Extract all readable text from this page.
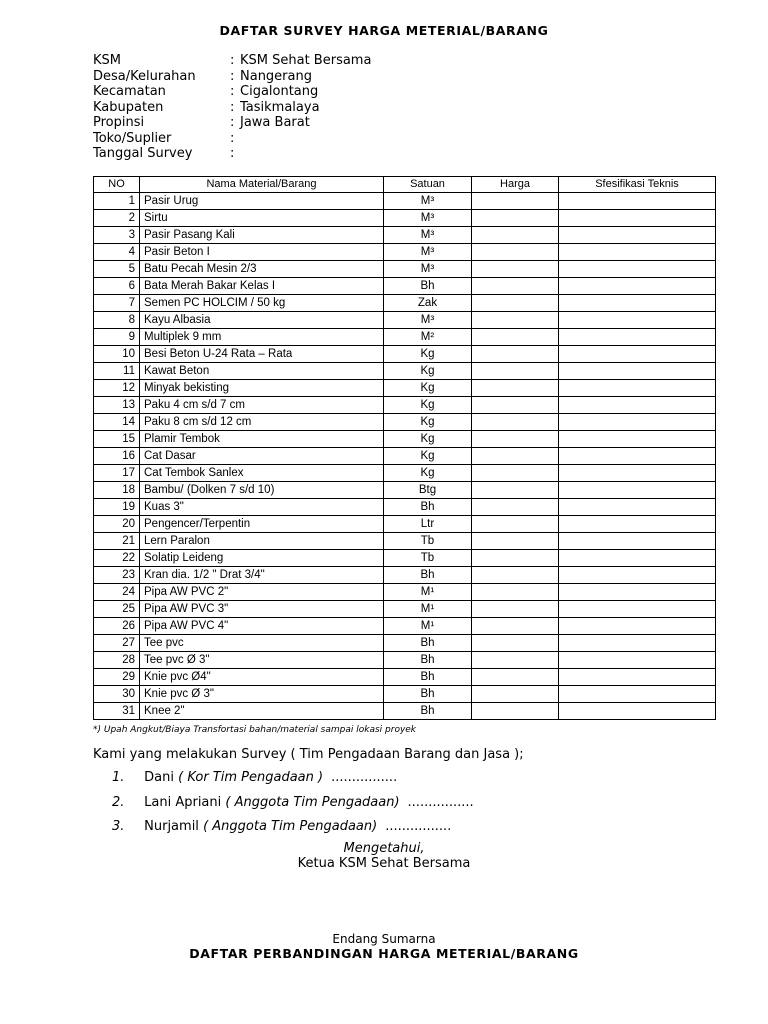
DAFTAR SURVEY HARGA METERIAL/BARANG
KSM	: KSM Sehat Bersama
Desa/Kelurahan	: Nangerang
Kecamatan	: Cigalontang
Kabupaten	: Tasikmalaya
Propinsi	: Jawa Barat
Toko/Suplier	:
Tanggal Survey	:
NO	Nama Material/Barang	Satuan	Harga	Sfesifikasi Teknis
1	Pasir Urug	M³		
2	Sirtu	M³		
3	Pasir Pasang Kali	M³		
4	Pasir Beton I	M³		
5	Batu Pecah Mesin 2/3	M³		
6	Bata Merah Bakar Kelas I	Bh		
7	Semen PC HOLCIM / 50 kg	Zak		
8	Kayu Albasia	M³		
9	Multiplek 9 mm	M²		
10	Besi Beton U-24 Rata – Rata	Kg		
11	Kawat Beton	Kg		
12	Minyak bekisting	Kg		
13	Paku 4 cm s/d 7 cm	Kg		
14	Paku 8 cm s/d 12 cm	Kg		
15	Plamir Tembok	Kg		
16	Cat Dasar	Kg		
17	Cat Tembok Sanlex	Kg		
18	Bambu/ (Dolken 7 s/d 10)	Btg		
19	Kuas 3"	Bh		
20	Pengencer/Terpentin	Ltr		
21	Lern Paralon	Tb		
22	Solatip Leideng	Tb		
23	Kran dia. 1/2 " Drat 3/4"	Bh		
24	Pipa AW PVC 2"	M¹		
25	Pipa AW PVC 3"	M¹		
26	Pipa AW PVC 4"	M¹		
27	Tee pvc	Bh		
28	Tee pvc Ø 3"	Bh		
29	Knie pvc Ø4"	Bh		
30	Knie pvc Ø 3"	Bh		
31	Knee 2"	Bh		
*) Upah Angkut/Biaya Transfortasi bahan/material sampai lokasi proyek
Kami yang melakukan Survey ( Tim Pengadaan Barang dan Jasa );
1. Dani ( Kor Tim Pengadaan ) ................
2. Lani Apriani ( Anggota Tim Pengadaan) ................
3. Nurjamil ( Anggota Tim Pengadaan) ................
Mengetahui,
Ketua KSM Sehat Bersama
Endang Sumarna
DAFTAR PERBANDINGAN HARGA METERIAL/BARANG
